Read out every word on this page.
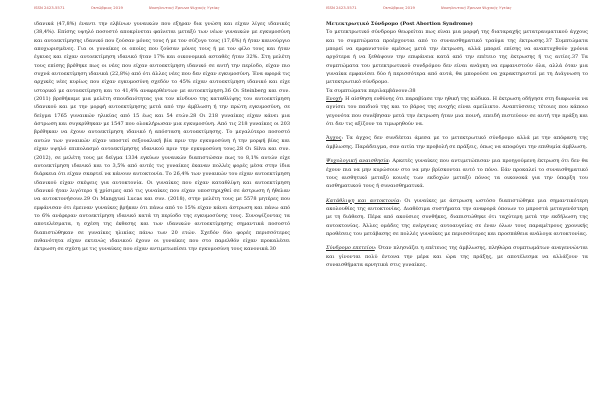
ISSN 2423-5571	Οκτώβριος 2019	Νοσηλευτική Έρευνα Ψυχικής Υγείας

ιδανικά (47,8%) έναντι την ελβίνων γυναικών που εξηραν δια γνώση και είχαν λίγες ιδανικές (38,4%). Επίσης υψηλό ποσοστό αποκρίνεται φαίνεται μεταξύ των νέων γυναικών με εγκυμοσύνη και αυτοεκτίμησης ιδανικό που ζούσαν μόνες τους ή με τον σύζυγο τους (17,6%) ή ήταν καινούργιο αποχωρισμένες. Για οι γυναίκες οι οποίες που ζούσαν μόνες τους ή με τον φίλο τους και ήταν έγκυες και είχαν αυτοεκτίμηση ιδανικό ήταν 17% και οικονομικά ασταθές ήταν 32%. Στη μελέτη τους επίσης βρέθηκε πως οι νέες που είχαν αυτοεκτίμηση ιδανικό σε αυτή την περίοδο, είχαν πιο συχνά αυτοεκτίμηση ιδανικά (22,8%) από ότι άλλες νέες που δεν είχαν εγκυμοσύνη. Ένα αφορά τις αρχικές νέες κυρίως που είχαν εγκυμοσύνη σχεδόν το 45% είχαν αυτοεκτίμηση ιδανικό και είχε ιστορικό με αυτοεκτίμηση και το 41,4% αναφερθέντων με αυτοεκτίμηση.36 Οι Steinberg και συν. (2011) βρεθήκαμε μια μελέτη σπουδαιότητας για τον κίνδυνο της καταθλίψης του αυτοεκτίμηση ιδανικού και με την μορφή αυτοεκτίμησης μετά από την άμβλωση ή την πρώτη εγκυμοσύνη, σε δείγμα 1765 γυναικών ηλικίας από 15 έως και 54 ετών.28 Οι 218 γυναίκες είχαν κάνει μια άστρωση και συγκρίθηκαν με 1547 που ολοκλήρωσαν μια εγκυμοσύνη. Από τις 218 γυναίκες οι 203 βρέθηκαν να έχουν αυτοεκτίμηση ιδανικό ή απόσταση αυτοεκτίμησης. Το μεγαλύτερο ποσοστό αυτών των γυναικών είχαν υποστεί σεξουαλική βία πριν την εγκυμοσύνη ή την μορφή βίας και είχαν υψηλό επιπολασμό αυτοεκτίμησης ιδανικού πριν την εγκυμοσύνη τους.28 Οι Silva και συν. (2012), σε μελέτη τους με δείγμα 1334 εγκύων γυναικών διαπιστώσαν πως το 8,1% αυτών είχε αυτοεκτίμηση ιδανικό και το 3,5% από αυτές τις γυναίκες έκαναν πολλές φορές μέσα στην ίδια διάρκεια ότι είχαν σκεφτεί να κάνουν αυτοκτονία. Το 26,4% των γυναικών του είχαν αυτοεκτίμηση ιδανικού είχαν σκέψεις για αυτοκτονία. Οι γυναίκες που είχαν καταθλίψη και αυτοεκτίμηση ιδανικό ήταν λιγότερο ή χρίσιμες από τις γυναίκες που είχαν υποστηριχθεί σε άστρωση ή ήθελαν να αυτοκτονήσουν.29 Οι Mangyusi Lucas και συν. (2018), στην μελέτη τους με 5578 μητέρες που εμφάνισαν ότι έμειναν γυναίκες βρήκαν ότι πάνω από το 15% είχαν κάνει άστρωση και πάνω από το 6% ανέφεραν αυτοεκτίμηση ιδανικό κατά τη περίοδο της εγκυμοσύνης τους. Συνοψίζοντας τα αποτελέσματα, η σχέση της έκθεσης και των ιδανικών αυτοεκτίμησης σημαντικά ποσοστό διαπιστώθηκαν σε γυναίκες ηλικίας πάνω των 20 ετών. Σχεδόν δύο φορές περισσότερες πιθανότητα είχαν εκτενώς ιδανικού έχουν οι γυναίκες που στο παρελθόν είχαν προκαλέσει έκτρωση σε σχέση με τις γυναίκες που είχαν αντιμετωπίσει την εγκυμοσύνη τους κανονικά.30

ISSN 2423-5571	Οκτώβριος 2019	Νοσηλευτική Έρευνα Ψυχικής Υγείας

Μετεκτρωτικό Σύνδρομο (Post Abortion Syndrome)

Το μετεκτρωτικό σύνδρομο θεωρείται πως είναι μια μορφή της διαταραχής μετατραυματικού άγχους και το συμπτώματα προέρχονται από το συναισθηματικό τραύμα της έκτρωσης.37 Συμπτώματα μπορεί να εμφανιστούν αμέσως μετά την έκτρωση, αλλά μπορεί επίσης να αναπτυχθούν χρόνια αργότερα ή να ξεθάψουν την επιφάνεια κατά από την επέτειο της έκτρωσης ή τις αιτίες.37 Τα συμπτώματα του μετεκτρωτικού συνδρόμου δεν είναι ανάγκη να εμφανιστούν όλα, αλλά όταν μια γυναίκα εμφανίσει δύο ή περισσότερα από αυτά, θα μπορούσε να χαρακτηριστεί με τη Διάγνωση το μετεκτρωτικό σύνδρομο.

Τα συμπτώματα περιλαμβάνουν:38

Ενοχή: Η αίσθηση ευθύνης ότι παραβίασε την ηθική της κώδικα. Η έκτρωση οδήγησε στη διαφωνία να αγνίσει του παιδιού της και το βάρος της ενοχής είναι αμείλικτο. Αναπτύσσεις τέτοιες που κάποιο γεγονότα που συνέβησαν μετά την έκτρωση ήταν μια ποινή, επειδή πιστεύουν σε αυτή την πράξη και ότι δεν τις αξίζουν τα τιμωρηθούν να.

Άγχος: Τα άγχος δεν συνδέεται άμεσα με το μετεκτρωτικό σύνδρομο αλλά με την απόφαση της άμβλωσης. Παράδειγμα, σαν αιτία την προβολή σε πράξεις, όπως να αποφύγει την επιθυμία άμβλωση.

Ψυχολογική αναισθησία: Αρκετές γυναίκες που αντιμετώπισαν μια προηγούμενη έκτρωση ότι δεν θα έχουν πια να μην κυρώσουν στο να μην βρίσκονται αυτό το πόνο. Εάν προκαλεί το συναισθηματικό τους αισθητικό μεταξύ κοινές των εκδοχών μεταξύ πόνος τα οικονοκά για την ύπαρξη του αισθηματικού τους ή συναισθηματικά.

Κατάθλιψη και αυτοκτονία: Οι γυναίκες με άστρωση ωστόσο διαπιστώθηκε μια σημαντικότερη ακολουθίες της αυτοκτονίας. Διαθέσιμα συστήματα την αναφορά όποιων το μπροστά μεταγενέστερη με τη διάθεση. Πέρα από ακούσιες συνθήκες, διαπιστώθηκε ότι ταχύτερη μετά την εκδήλωση της αυτοκτονίας. Άλλες ομάδες της ενέργειας αυτοαυγείας σε έναν όλων τους παραμέτρους χρονικής προθέσεις του μετάβασης σε πολλές γυναίκες με περισσότερες και προσπάθεια ανάλογα αυτοκτονίας.

Σύνδρομο επετείου: Όταν πλησιάζει η επέτειος της άμβλωσης, πληθώρα συμπτωμάτων αναγεννώνται και γίνονται πολύ έντονα την μέρα και ώρα της πράξης, με αποτέλεσμα να αλλάζουν τα συναισθήματα αρνητικά στις γυναίκες.
